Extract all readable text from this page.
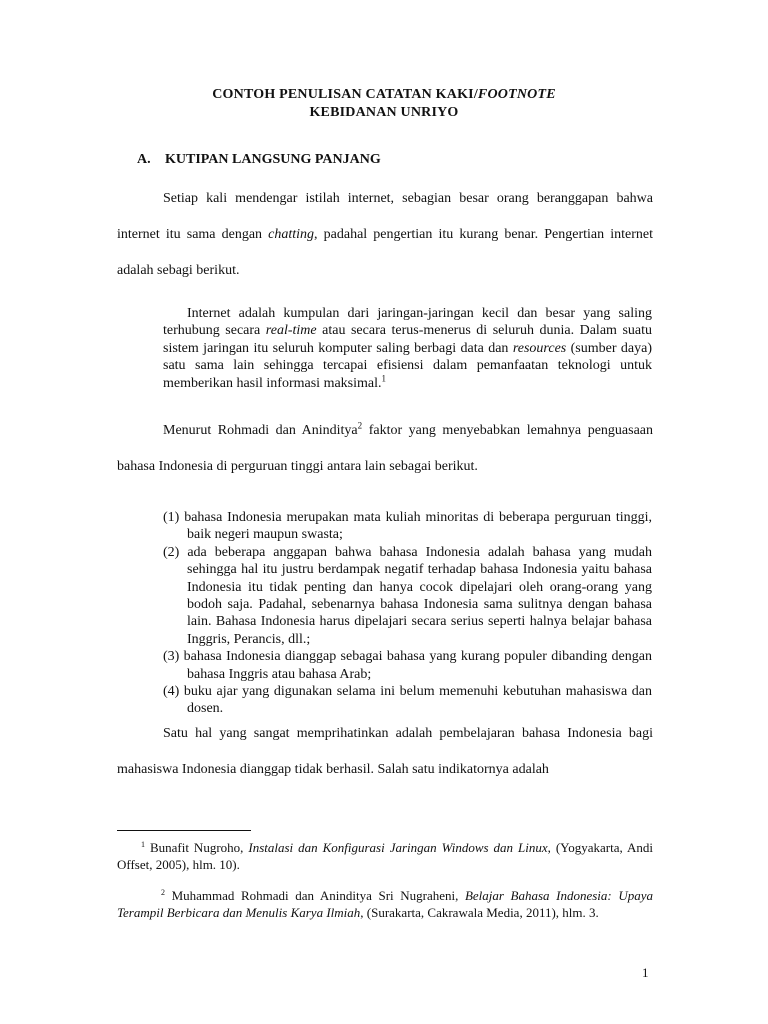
CONTOH PENULISAN CATATAN KAKI/FOOTNOTE
KEBIDANAN UNRIYO
A. KUTIPAN LANGSUNG PANJANG
Setiap kali mendengar istilah internet, sebagian besar orang beranggapan bahwa internet itu sama dengan chatting, padahal pengertian itu kurang benar. Pengertian internet adalah sebagi berikut.
Internet adalah kumpulan dari jaringan-jaringan kecil dan besar yang saling terhubung secara real-time atau secara terus-menerus di seluruh dunia. Dalam suatu sistem jaringan itu seluruh komputer saling berbagi data dan resources (sumber daya) satu sama lain sehingga tercapai efisiensi dalam pemanfaatan teknologi untuk memberikan hasil informasi maksimal.$^1$
Menurut Rohmadi dan Anindityа$^2$ faktor yang menyebabkan lemahnya penguasaan bahasa Indonesia di perguruan tinggi antara lain sebagai berikut.
(1) bahasa Indonesia merupakan mata kuliah minoritas di beberapa perguruan tinggi, baik negeri maupun swasta;
(2) ada beberapa anggapan bahwa bahasa Indonesia adalah bahasa yang mudah sehingga hal itu justru berdampak negatif terhadap bahasa Indonesia yaitu bahasa Indonesia itu tidak penting dan hanya cocok dipelajari oleh orang-orang yang bodoh saja. Padahal, sebenarnya bahasa Indonesia sama sulitnya dengan bahasa lain. Bahasa Indonesia harus dipelajari secara serius seperti halnya belajar bahasa Inggris, Perancis, dll.;
(3) bahasa Indonesia dianggap sebagai bahasa yang kurang populer dibanding dengan bahasa Inggris atau bahasa Arab;
(4) buku ajar yang digunakan selama ini belum memenuhi kebutuhan mahasiswa dan dosen.
Satu hal yang sangat memprihatinkan adalah pembelajaran bahasa Indonesia bagi mahasiswa Indonesia dianggap tidak berhasil. Salah satu indikatornya adalah
$^1$ Bunafit Nugroho, Instalasi dan Konfigurasi Jaringan Windows dan Linux, (Yogyakarta, Andi Offset, 2005), hlm. 10).
$^2$ Muhammad Rohmadi dan Aninditya Sri Nugraheni, Belajar Bahasa Indonesia: Upaya Terampil Berbicara dan Menulis Karya Ilmiah, (Surakarta, Cakrawala Media, 2011), hlm. 3.
1
